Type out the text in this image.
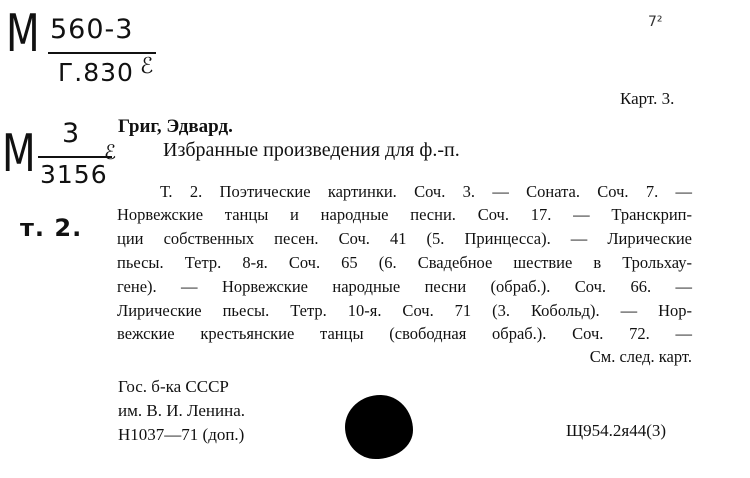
М 560-3
Г.830 ℰ
7²
Карт. 3.
М 3
3156
ℰ
т. 2.
Григ, Эдвард.
Избранные произведения для ф.-п.
Т. 2. Поэтические картинки. Соч. 3. — Соната. Соч. 7. —
Норвежские танцы и народные песни. Соч. 17. — Транскрип-
ции собственных песен. Соч. 41 (5. Принцесса). — Лирические
пьесы. Тетр. 8-я. Соч. 65 (6. Свадебное шествие в Трольхау-
гене). — Норвежские народные песни (обраб.). Соч. 66. —
Лирические пьесы. Тетр. 10-я. Соч. 71 (3. Кобольд). — Нор-
вежские крестьянские танцы (свободная обраб.). Соч. 72. —
См. след. карт.
Гос. б-ка СССР
им. В. И. Ленина.
Н1037—71 (доп.)	Щ954.2я44(3)
